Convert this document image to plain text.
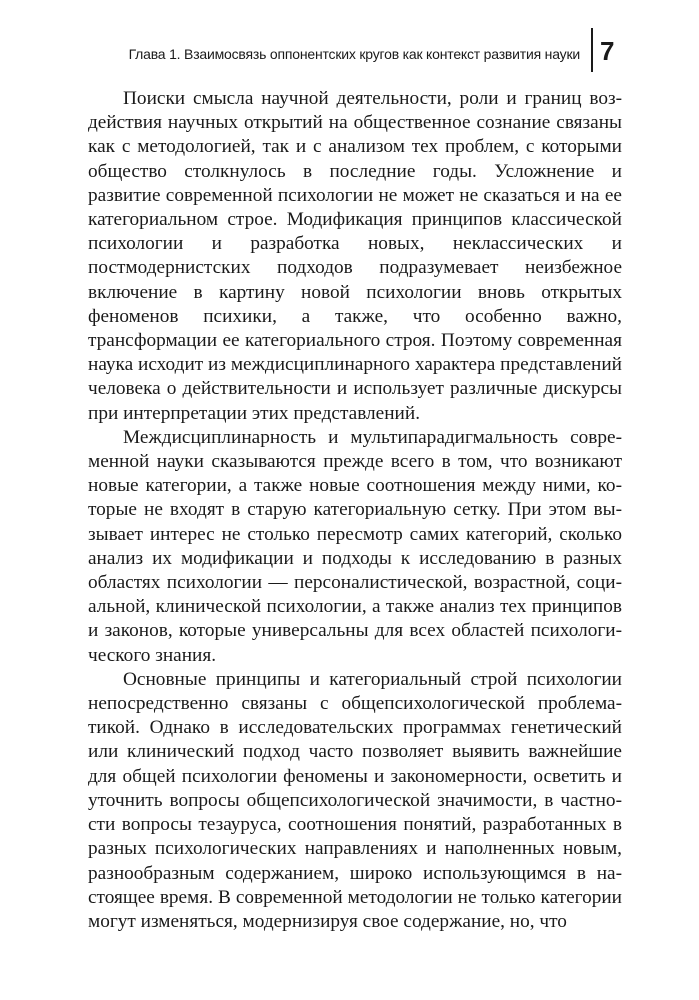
Глава 1. Взаимосвязь оппонентских кругов как контекст развития науки 7

Поиски смысла научной деятельности, роли и границ воздействия научных открытий на общественное сознание связаны как с методологией, так и с анализом тех проблем, с которыми общество столкнулось в последние годы. Усложнение и развитие современной психологии не может не сказаться и на ее категориальном строе. Модификация принципов классической психологии и разработка новых, неклассических и постмодернистских подходов подразумевает неизбежное включение в картину новой психологии вновь открытых феноменов психики, а также, что особенно важно, трансформации ее категориального строя. Поэтому современная наука исходит из междисциплинарного характера представлений человека о действительности и использует различные дискурсы при интерпретации этих представлений.

Междисциплинарность и мультипарадигмальность современной науки сказываются прежде всего в том, что возникают новые категории, а также новые соотношения между ними, которые не входят в старую категориальную сетку. При этом вызывает интерес не столько пересмотр самих категорий, сколько анализ их модификации и подходы к исследованию в разных областях психологии — персоналистической, возрастной, социальной, клинической психологии, а также анализ тех принципов и законов, которые универсальны для всех областей психологического знания.

Основные принципы и категориальный строй психологии непосредственно связаны с общепсихологической проблематикой. Однако в исследовательских программах генетический или клинический подход часто позволяет выявить важнейшие для общей психологии феномены и закономерности, осветить и уточнить вопросы общепсихологической значимости, в частности вопросы тезауруса, соотношения понятий, разработанных в разных психологических направлениях и наполненных новым, разнообразным содержанием, широко использующимся в настоящее время. В современной методологии не только категории могут изменяться, модернизируя свое содержание, но, что
